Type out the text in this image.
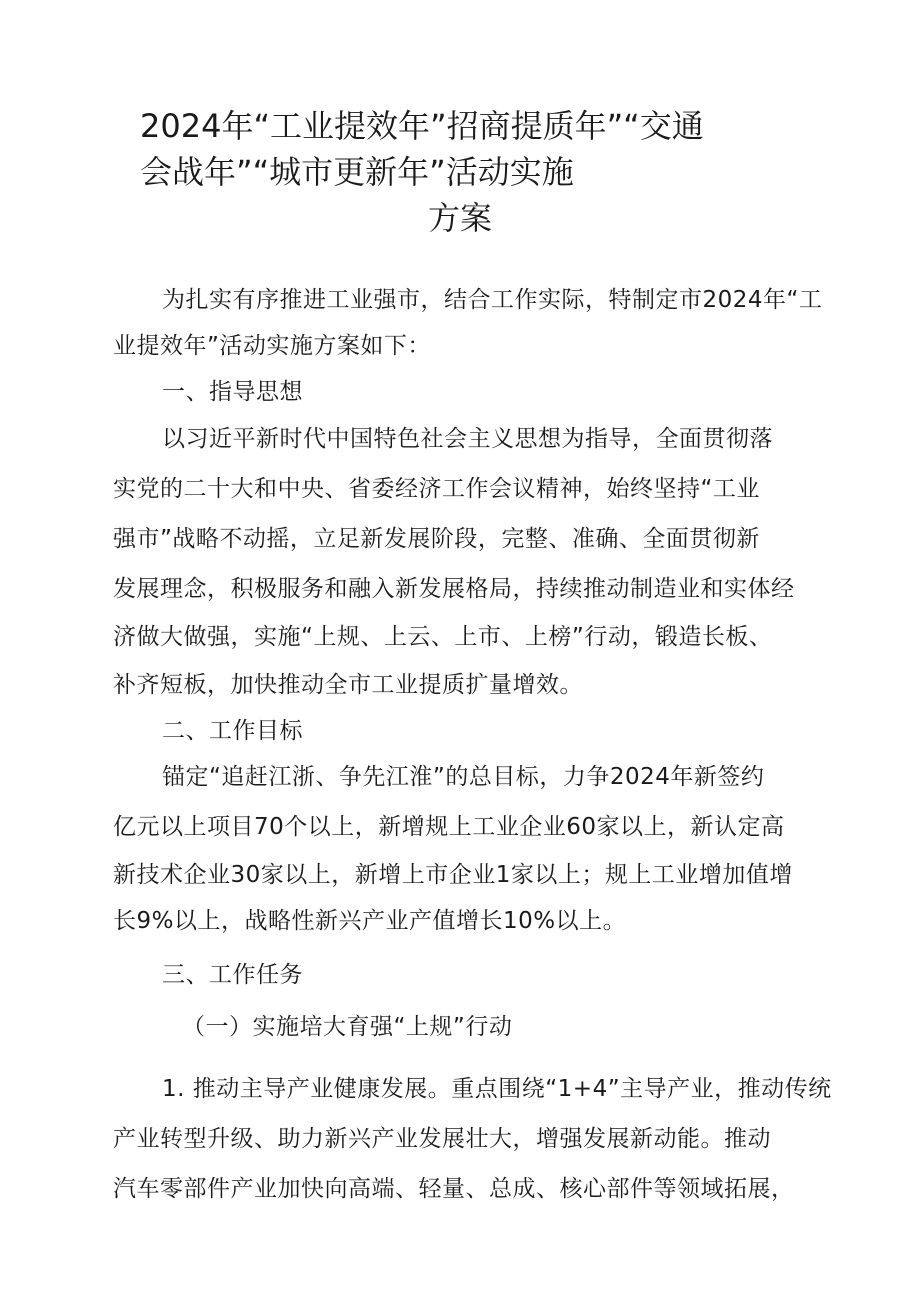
2024年“工业提效年”招商提质年”“交通
会战年”“城市更新年”活动实施
方案
为扎实有序推进工业强市，结合工作实际，特制定市2024年“工
业提效年”活动实施方案如下：
一、指导思想
以习近平新时代中国特色社会主义思想为指导，全面贯彻落
实党的二十大和中央、省委经济工作会议精神，始终坚持“工业
强市”战略不动摇，立足新发展阶段，完整、准确、全面贯彻新
发展理念，积极服务和融入新发展格局，持续推动制造业和实体经
济做大做强，实施“上规、上云、上市、上榜”行动，锻造长板、
补齐短板，加快推动全市工业提质扩量增效。
二、工作目标
锚定“追赶江浙、争先江淮”的总目标，力争2024年新签约
亿元以上项目70个以上，新增规上工业企业60家以上，新认定高
新技术企业30家以上，新增上市企业1家以上；规上工业增加值增
长9%以上，战略性新兴产业产值增长10%以上。
三、工作任务
（一）实施培大育强“上规”行动
1. 推动主导产业健康发展。重点围绕“1+4”主导产业，推动传统
产业转型升级、助力新兴产业发展壮大，增强发展新动能。推动
汽车零部件产业加快向高端、轻量、总成、核心部件等领域拓展，
